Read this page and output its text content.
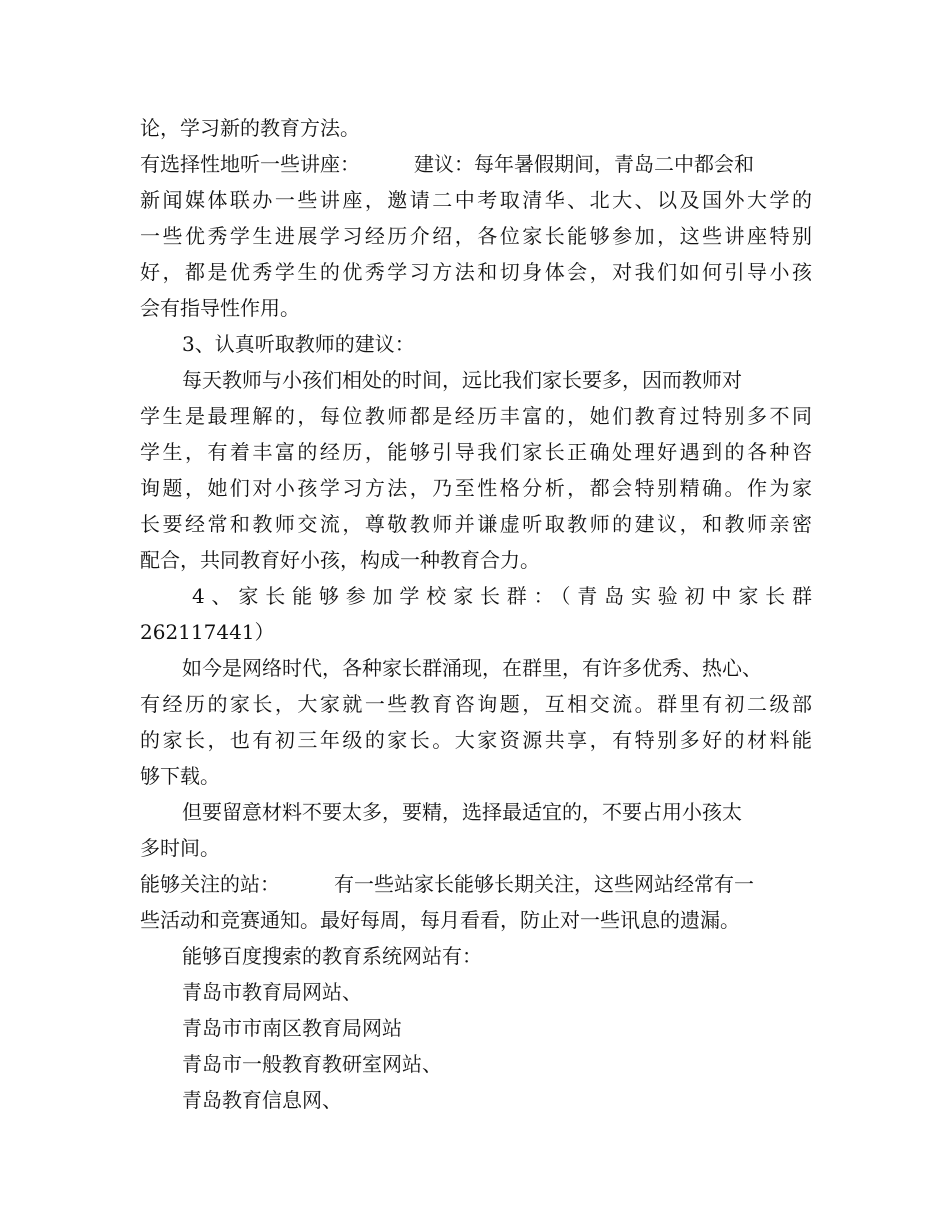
论，学习新的教育方法。
有选择性地听一些讲座：	建议：每年暑假期间，青岛二中都会和
新闻媒体联办一些讲座，邀请二中考取清华、北大、以及国外大学的
一些优秀学生进展学习经历介绍，各位家长能够参加，这些讲座特别
好，都是优秀学生的优秀学习方法和切身体会，对我们如何引导小孩
会有指导性作用。
3、认真听取教师的建议：
每天教师与小孩们相处的时间，远比我们家长要多，因而教师对
学生是最理解的，每位教师都是经历丰富的，她们教育过特别多不同
学生，有着丰富的经历，能够引导我们家长正确处理好遇到的各种咨
询题，她们对小孩学习方法，乃至性格分析，都会特别精确。作为家
长要经常和教师交流，尊敬教师并谦虚听取教师的建议，和教师亲密
配合，共同教育好小孩，构成一种教育合力。
4、家长能够参加学校家长群：（青岛实验初中家长群
262117441）
如今是网络时代，各种家长群涌现，在群里，有许多优秀、热心、
有经历的家长，大家就一些教育咨询题，互相交流。群里有初二级部
的家长，也有初三年级的家长。大家资源共享，有特别多好的材料能
够下载。
但要留意材料不要太多，要精，选择最适宜的，不要占用小孩太
多时间。
能够关注的站：	有一些站家长能够长期关注，这些网站经常有一
些活动和竞赛通知。最好每周，每月看看，防止对一些讯息的遗漏。
能够百度搜索的教育系统网站有：
青岛市教育局网站、
青岛市市南区教育局网站
青岛市一般教育教研室网站、
青岛教育信息网、
